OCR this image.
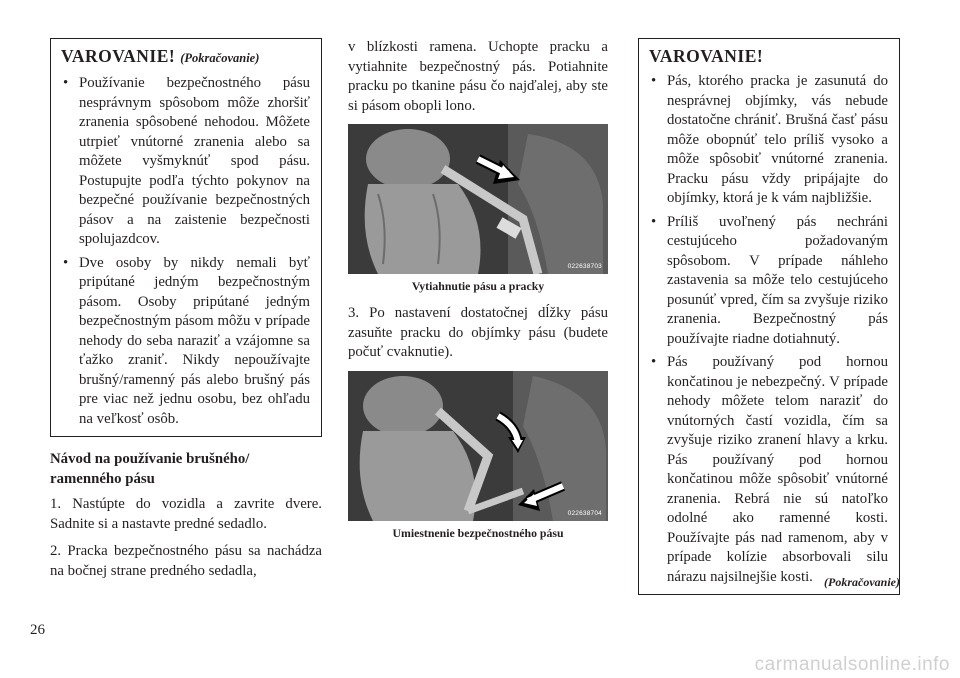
VAROVANIE! (Pokračovanie)

• Používanie bezpečnostného pásu nesprávnym spôsobom môže zhoršiť zranenia spôsobené nehodou. Môžete utrpieť vnútorné zranenia alebo sa môžete vyšmyknúť spod pásu. Postupujte podľa týchto pokynov na bezpečné používanie bezpečnostných pásov a na zaistenie bezpečnosti spolujazdcov.

• Dve osoby by nikdy nemali byť pripútané jedným bezpečnostným pásom. Osoby pripútané jedným bezpečnostným pásom môžu v prípade nehody do seba naraziť a vzájomne sa ťažko zraniť. Nikdy nepoužívajte brušný/ramenný pás alebo brušný pás pre viac než jednu osobu, bez ohľadu na veľkosť osôb.

Návod na používanie brušného/ ramenného pásu

1. Nastúpte do vozidla a zavrite dvere. Sadnite si a nastavte predné sedadlo.

2. Pracka bezpečnostného pásu sa nachádza na bočnej strane predného sedadla,

v blízkosti ramena. Uchopte pracku a vytiahnite bezpečnostný pás. Potiahnite pracku po tkanine pásu čo najďalej, aby ste si pásom obopli lono.

022638703
Vytiahnutie pásu a pracky

3. Po nastavení dostatočnej dĺžky pásu zasuňte pracku do objímky pásu (budete počuť cvaknutie).

022638704
Umiestnenie bezpečnostného pásu
VAROVANIE!

• Pás, ktorého pracka je zasunutá do nesprávnej objímky, vás nebude dostatočne chrániť. Brušná časť pásu môže obopnúť telo príliš vysoko a môže spôsobiť vnútorné zranenia. Pracku pásu vždy pripájajte do objímky, ktorá je k vám najbližšie.

• Príliš uvoľnený pás nechráni cestujúceho požadovaným spôsobom. V prípade náhleho zastavenia sa môže telo cestujúceho posunúť vpred, čím sa zvyšuje riziko zranenia. Bezpečnostný pás používajte riadne dotiahnutý.

• Pás používaný pod hornou končatinou je nebezpečný. V prípade nehody môžete telom naraziť do vnútorných častí vozidla, čím sa zvyšuje riziko zranení hlavy a krku. Pás používaný pod hornou končatinou môže spôsobiť vnútorné zranenia. Rebrá nie sú natoľko odolné ako ramenné kosti. Používajte pás nad ramenom, aby v prípade kolízie absorbovali silu nárazu najsilnejšie kosti. (Pokračovanie)
26
carmanualsonline.info
